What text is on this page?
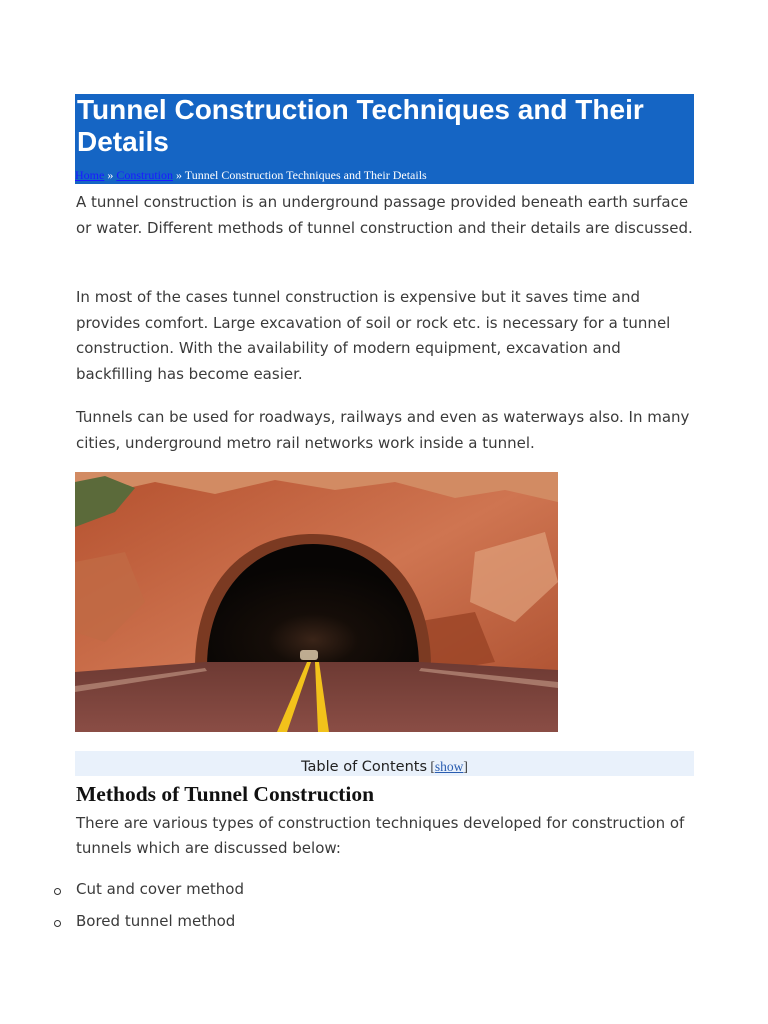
Tunnel Construction Techniques and Their Details
Home » Constrution » Tunnel Construction Techniques and Their Details

A tunnel construction is an underground passage provided beneath earth surface or water. Different methods of tunnel construction and their details are discussed.

In most of the cases tunnel construction is expensive but it saves time and provides comfort. Large excavation of soil or rock etc. is necessary for a tunnel construction. With the availability of modern equipment, excavation and backfilling has become easier.

Tunnels can be used for roadways, railways and even as waterways also. In many cities, underground metro rail networks work inside a tunnel.

Table of Contents [show]
Methods of Tunnel Construction

There are various types of construction techniques developed for construction of tunnels which are discussed below:

Cut and cover method
Bored tunnel method
